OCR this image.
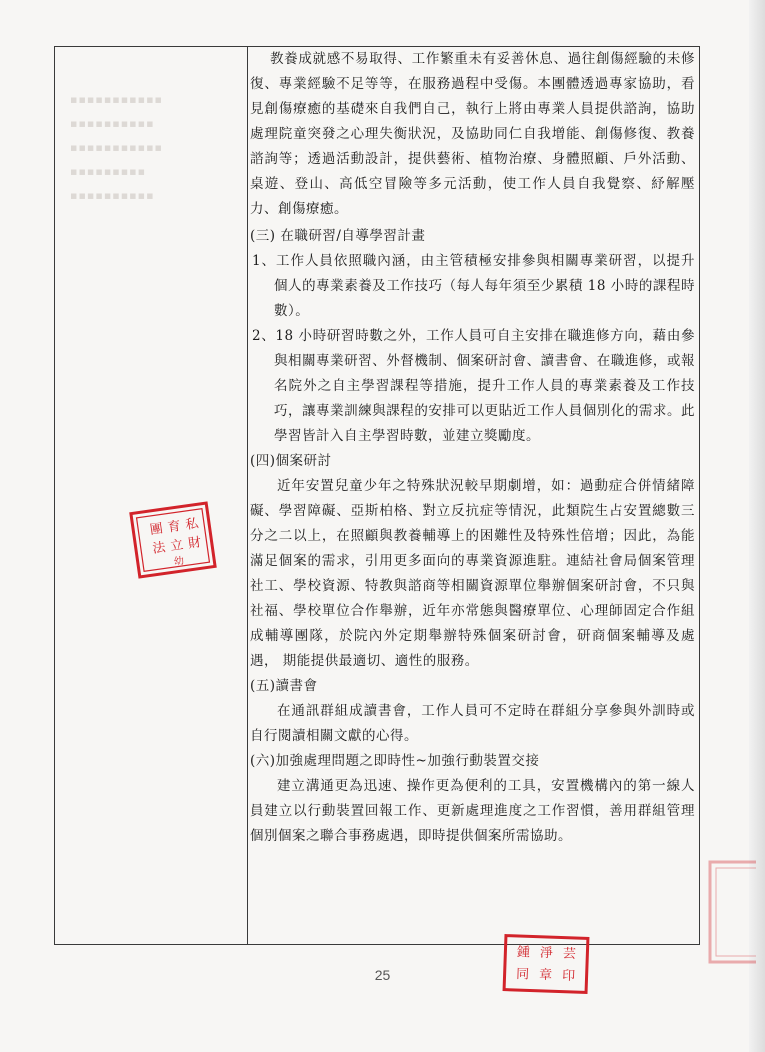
▪▪▪▪▪▪▪▪▪▪▪
▪▪▪▪▪▪▪▪▪▪
▪▪▪▪▪▪▪▪▪▪▪
▪▪▪▪▪▪▪▪▪
▪▪▪▪▪▪▪▪▪▪

教養成就感不易取得、工作繁重未有妥善休息、過往創傷經驗的未修復、專業經驗不足等等，在服務過程中受傷。本團體透過專家協助，看見創傷療癒的基礎來自我們自己，執行上將由專業人員提供諮詢，協助處理院童突發之心理失衡狀況，及協助同仁自我增能、創傷修復、教養諮詢等；透過活動設計，提供藝術、植物治療、身體照顧、戶外活動、桌遊、登山、高低空冒險等多元活動，使工作人員自我覺察、紓解壓力、創傷療癒。

(三) 在職研習/自導學習計畫

1、工作人員依照職內涵，由主管積極安排參與相關專業研習，以提升個人的專業素養及工作技巧（每人每年須至少累積 18 小時的課程時數）。

2、18 小時研習時數之外，工作人員可自主安排在職進修方向，藉由參與相關專業研習、外督機制、個案研討會、讀書會、在職進修，或報名院外之自主學習課程等措施，提升工作人員的專業素養及工作技巧，讓專業訓練與課程的安排可以更貼近工作人員個別化的需求。此學習皆計入自主學習時數，並建立獎勵度。

(四)個案研討

近年安置兒童少年之特殊狀況較早期劇增，如：過動症合併情緒障礙、學習障礙、亞斯柏格、對立反抗症等情況，此類院生占安置總數三分之二以上，在照顧與教養輔導上的困難性及特殊性倍增；因此，為能滿足個案的需求，引用更多面向的專業資源進駐。連結社會局個案管理社工、學校資源、特教與諮商等相關資源單位舉辦個案研討會，不只與社福、學校單位合作舉辦，近年亦常態與醫療單位、心理師固定合作組成輔導團隊，於院內外定期舉辦特殊個案研討會，研商個案輔導及處遇， 期能提供最適切、適性的服務。

(五)讀書會

在通訊群組成讀書會，工作人員可不定時在群組分享參與外訓時或自行閱讀相關文獻的心得。

(六)加強處理問題之即時性~加強行動裝置交接

建立溝通更為迅速、操作更為便利的工具，安置機構內的第一線人員建立以行動裝置回報工作、更新處理進度之工作習慣，善用群組管理個別個案之聯合事務處遇，即時提供個案所需協助。

私
財
育
立
團
法
幼
鍾 淨 芸
同 章 印
25
